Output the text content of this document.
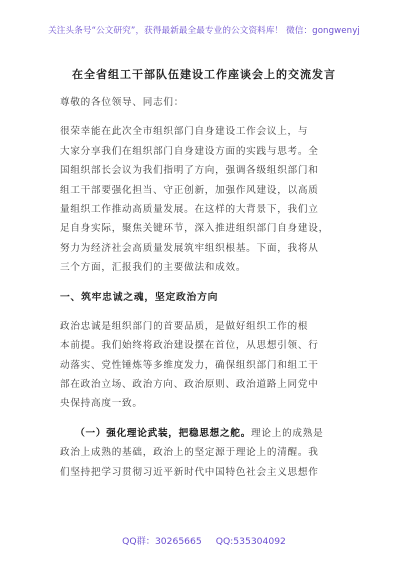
关注头条号“公文研究”，获得最新最全最专业的公文资料库！ 微信：gongwenyj
在全省组工干部队伍建设工作座谈会上的交流发言
尊敬的各位领导、同志们：
很荣幸能在此次全市组织部门自身建设工作会议上，与
大家分享我们在组织部门自身建设方面的实践与思考。全
国组织部长会议为我们指明了方向，强调各级组织部门和
组工干部要强化担当、守正创新，加强作风建设，以高质
量组织工作推动高质量发展。在这样的大背景下，我们立
足自身实际，聚焦关键环节，深入推进组织部门自身建设，
努力为经济社会高质量发展筑牢组织根基。下面，我将从
三个方面，汇报我们的主要做法和成效。
一、筑牢忠诚之魂，坚定政治方向
政治忠诚是组织部门的首要品质，是做好组织工作的根
本前提。我们始终将政治建设摆在首位，从思想引领、行
动落实、党性锤炼等多维度发力，确保组织部门和组工干
部在政治立场、政治方向、政治原则、政治道路上同党中
央保持高度一致。
（一）强化理论武装，把稳思想之舵。理论上的成熟是
政治上成熟的基础，政治上的坚定源于理论上的清醒。我
们坚持把学习贯彻习近平新时代中国特色社会主义思想作
QQ群：30265665 QQ:535304092
